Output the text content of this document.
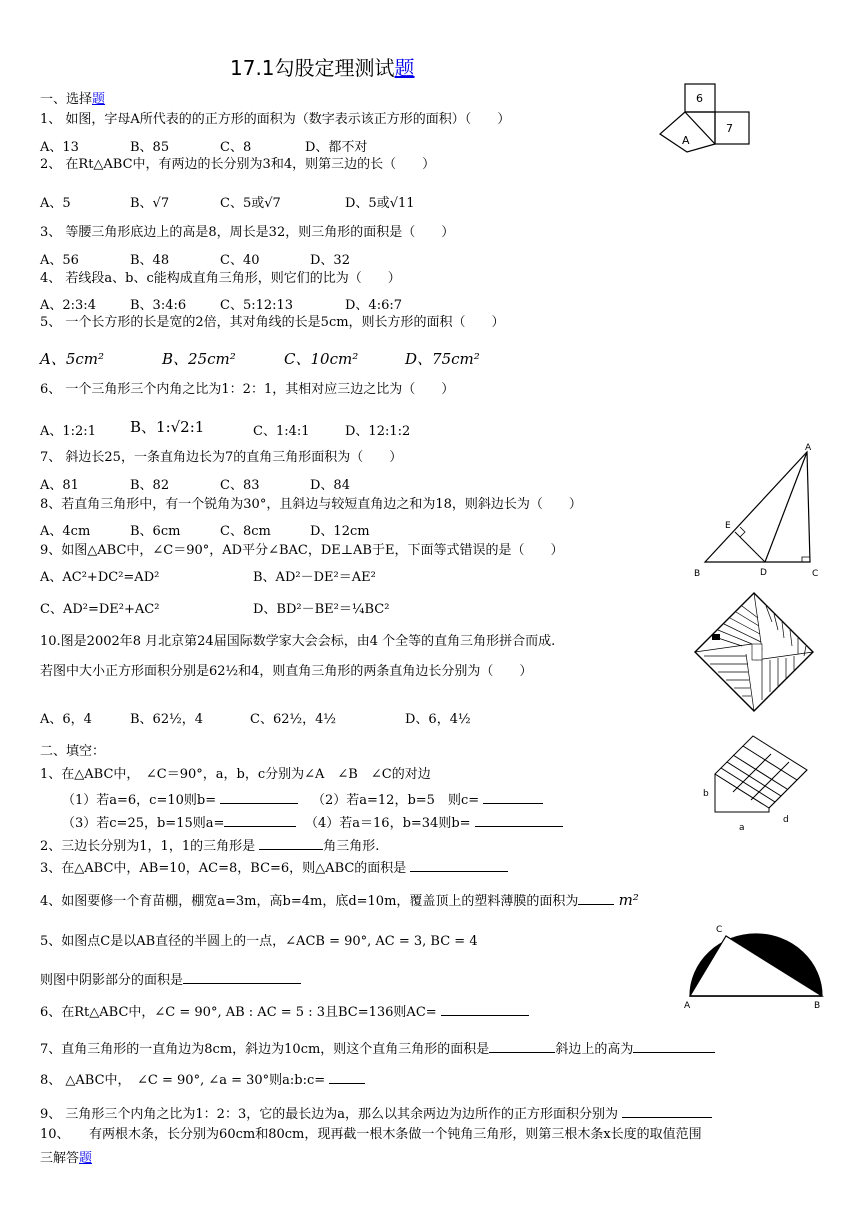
17.1勾股定理测试题
一、选择题
1、 如图，字母A所代表的的正方形的面积为（数字表示该正方形的面积）（　　）
A、13	B、85	C、8	D、都不对
2、 在Rt△ABC中，有两边的长分别为3和4，则第三边的长（　　）
A、5	B、√7	C、5或√7	D、5或√11
3、 等腰三角形底边上的高是8，周长是32，则三角形的面积是（　　）
A、56	B、48	C、40	D、32
4、 若线段a、b、c能构成直角三角形，则它们的比为（　　）
A、2:3:4	B、3:4:6	C、5:12:13	D、4:6:7
5、 一个长方形的长是宽的2倍，其对角线的长是5cm，则长方形的面积（　　）
A、5cm²	B、25cm²	C、10cm²	D、75cm²
6、 一个三角形三个内角之比为1：2：1，其相对应三边之比为（　　）
A、1:2:1 B、1:√2:1	C、1:4:1	D、12:1:2
7、 斜边长25，一条直角边长为7的直角三角形面积为（　　）
A、81	B、82	C、83	D、84
8、若直角三角形中，有一个锐角为30°，且斜边与较短直角边之和为18，则斜边长为（　　）
A、4cm	B、6cm	C、8cm	D、12cm
9、如图△ABC中，∠C＝90°，AD平分∠BAC，DE⊥AB于E，下面等式错误的是（　　）
A、AC²+DC²=AD²	B、AD²－DE²＝AE²
C、AD²=DE²+AC²	D、BD²－BE²＝¼BC²
10.图是2002年8 月北京第24届国际数学家大会会标，由4 个全等的直角三角形拼合而成.
若图中大小正方形面积分别是62½和4，则直角三角形的两条直角边长分别为（　　）
A、6，4	B、62½，4	C、62½，4½	D、6，4½
二、填空：
1、在△ABC中，　∠C＝90°，a，b，c分别为∠A　∠B　∠C的对边
（1）若a=6，c=10则b=	（2）若a=12，b=5　则c=
（3）若c=25，b=15则a=	（4）若a＝16，b=34则b=
2、三边长分别为1，1，1的三角形是	角三角形.
3、在△ABC中，AB=10，AC=8，BC=6，则△ABC的面积是
4、如图要修一个育苗棚，棚宽a=3m，高b=4m，底d=10m，覆盖顶上的塑料薄膜的面积为	m²
5、如图点C是以AB直径的半圆上的一点，∠ACB = 90°, AC = 3, BC = 4
则图中阴影部分的面积是
6、在Rt△ABC中，∠C = 90°, AB : AC = 5 : 3且BC=136则AC=
7、直角三角形的一直角边为8cm，斜边为10cm，则这个直角三角形的面积是	斜边上的高为
8、 △ABC中，　∠C = 90°, ∠a = 30°则a:b:c=
9、 三角形三个内角之比为1：2：3，它的最长边为a，那么以其余两边为边所作的正方形面积分别为
10、　　有两根木条，长分别为60cm和80cm，现再截一根木条做一个钝角三角形，则第三根木条x长度的取值范围
三解答题
6
7
A
A
E
B	D	C
b
a
d
C
A	B
